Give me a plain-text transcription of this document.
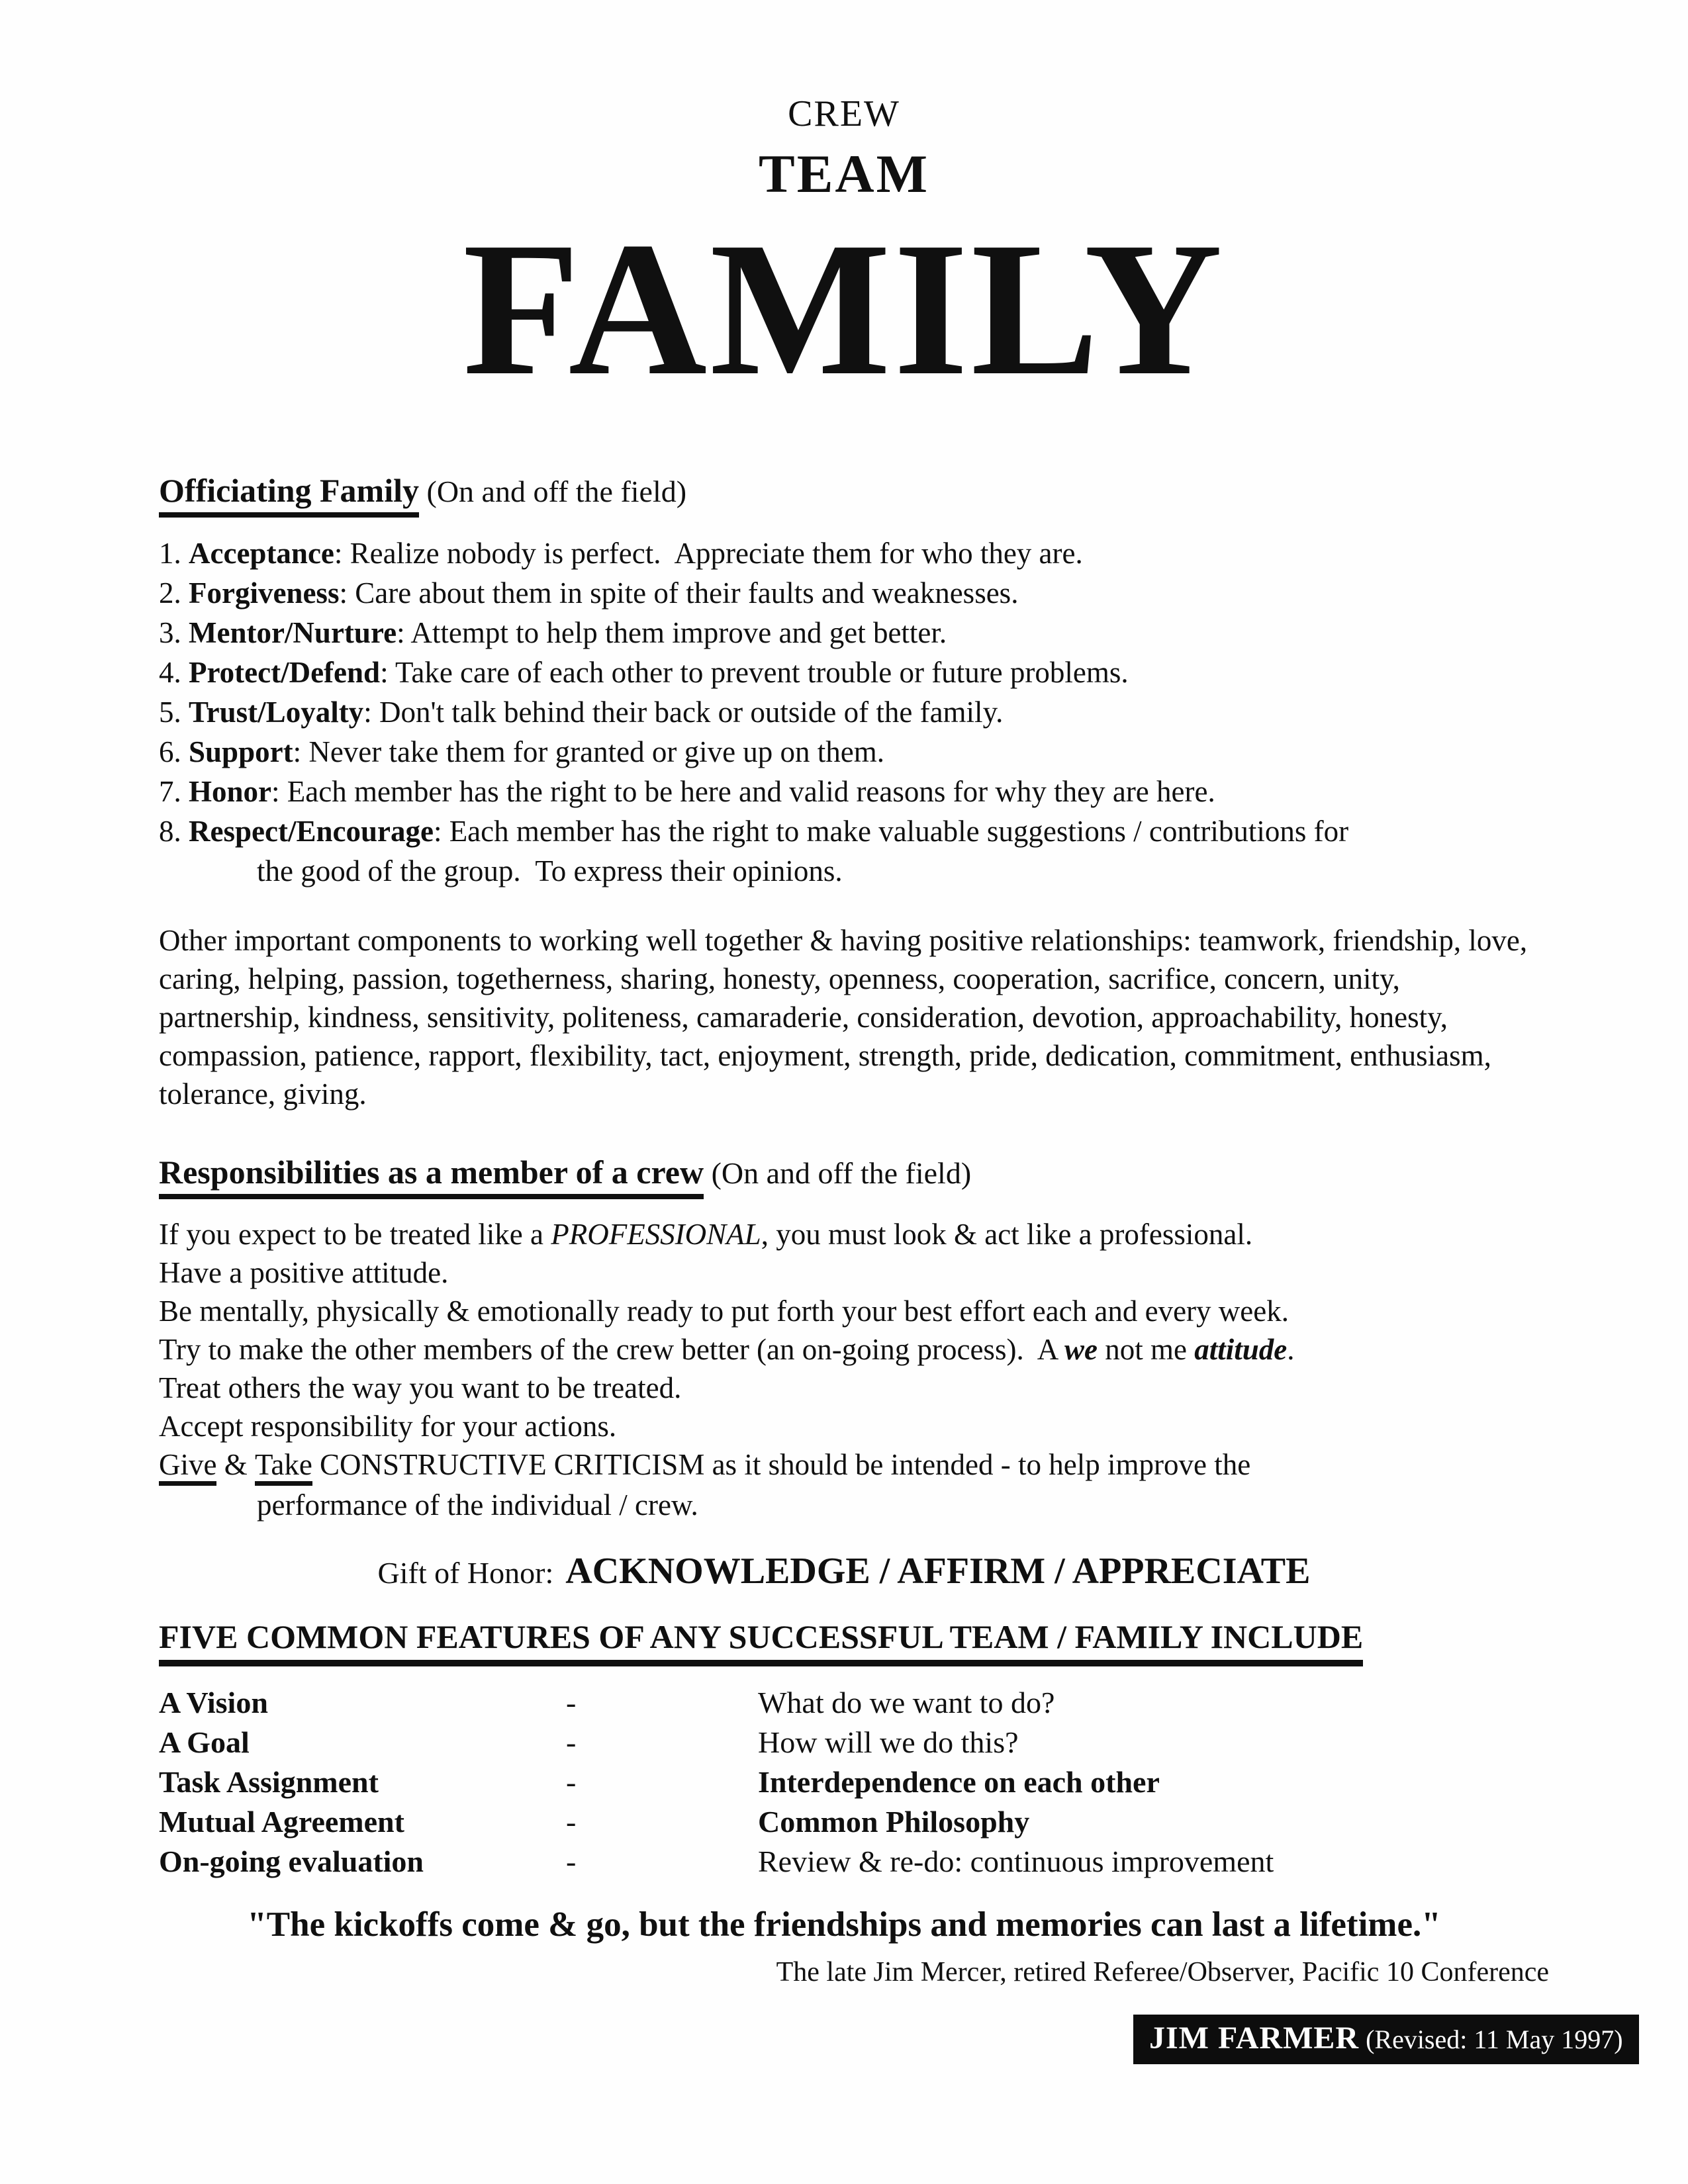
CREW
TEAM
FAMILY
Officiating Family (On and off the field)
1. Acceptance: Realize nobody is perfect.  Appreciate them for who they are.
2. Forgiveness: Care about them in spite of their faults and weaknesses.
3. Mentor/Nurture: Attempt to help them improve and get better.
4. Protect/Defend: Take care of each other to prevent trouble or future problems.
5. Trust/Loyalty: Don't talk behind their back or outside of the family.
6. Support: Never take them for granted or give up on them.
7. Honor: Each member has the right to be here and valid reasons for why they are here.
8. Respect/Encourage: Each member has the right to make valuable suggestions / contributions for
the good of the group.  To express their opinions.
Other important components to working well together & having positive relationships: teamwork, friendship, love, caring, helping, passion, togetherness, sharing, honesty, openness, cooperation, sacrifice, concern, unity, partnership, kindness, sensitivity, politeness, camaraderie, consideration, devotion, approachability, honesty, compassion, patience, rapport, flexibility, tact, enjoyment, strength, pride, dedication, commitment, enthusiasm, tolerance, giving.
Responsibilities as a member of a crew (On and off the field)
If you expect to be treated like a PROFESSIONAL, you must look & act like a professional.
Have a positive attitude.
Be mentally, physically & emotionally ready to put forth your best effort each and every week.
Try to make the other members of the crew better (an on-going process).  A we not me attitude.
Treat others the way you want to be treated.
Accept responsibility for your actions.
Give & Take CONSTRUCTIVE CRITICISM as it should be intended - to help improve the
performance of the individual / crew.
Gift of Honor: ACKNOWLEDGE / AFFIRM / APPRECIATE
FIVE COMMON FEATURES OF ANY SUCCESSFUL TEAM / FAMILY INCLUDE
A Vision	-	What do we want to do?
A Goal	-	How will we do this?
Task Assignment	-	Interdependence on each other
Mutual Agreement	-	Common Philosophy
On-going evaluation	-	Review & re-do: continuous improvement
"The kickoffs come & go, but the friendships and memories can last a lifetime."
The late Jim Mercer, retired Referee/Observer, Pacific 10 Conference
JIM FARMER (Revised: 11 May 1997)
